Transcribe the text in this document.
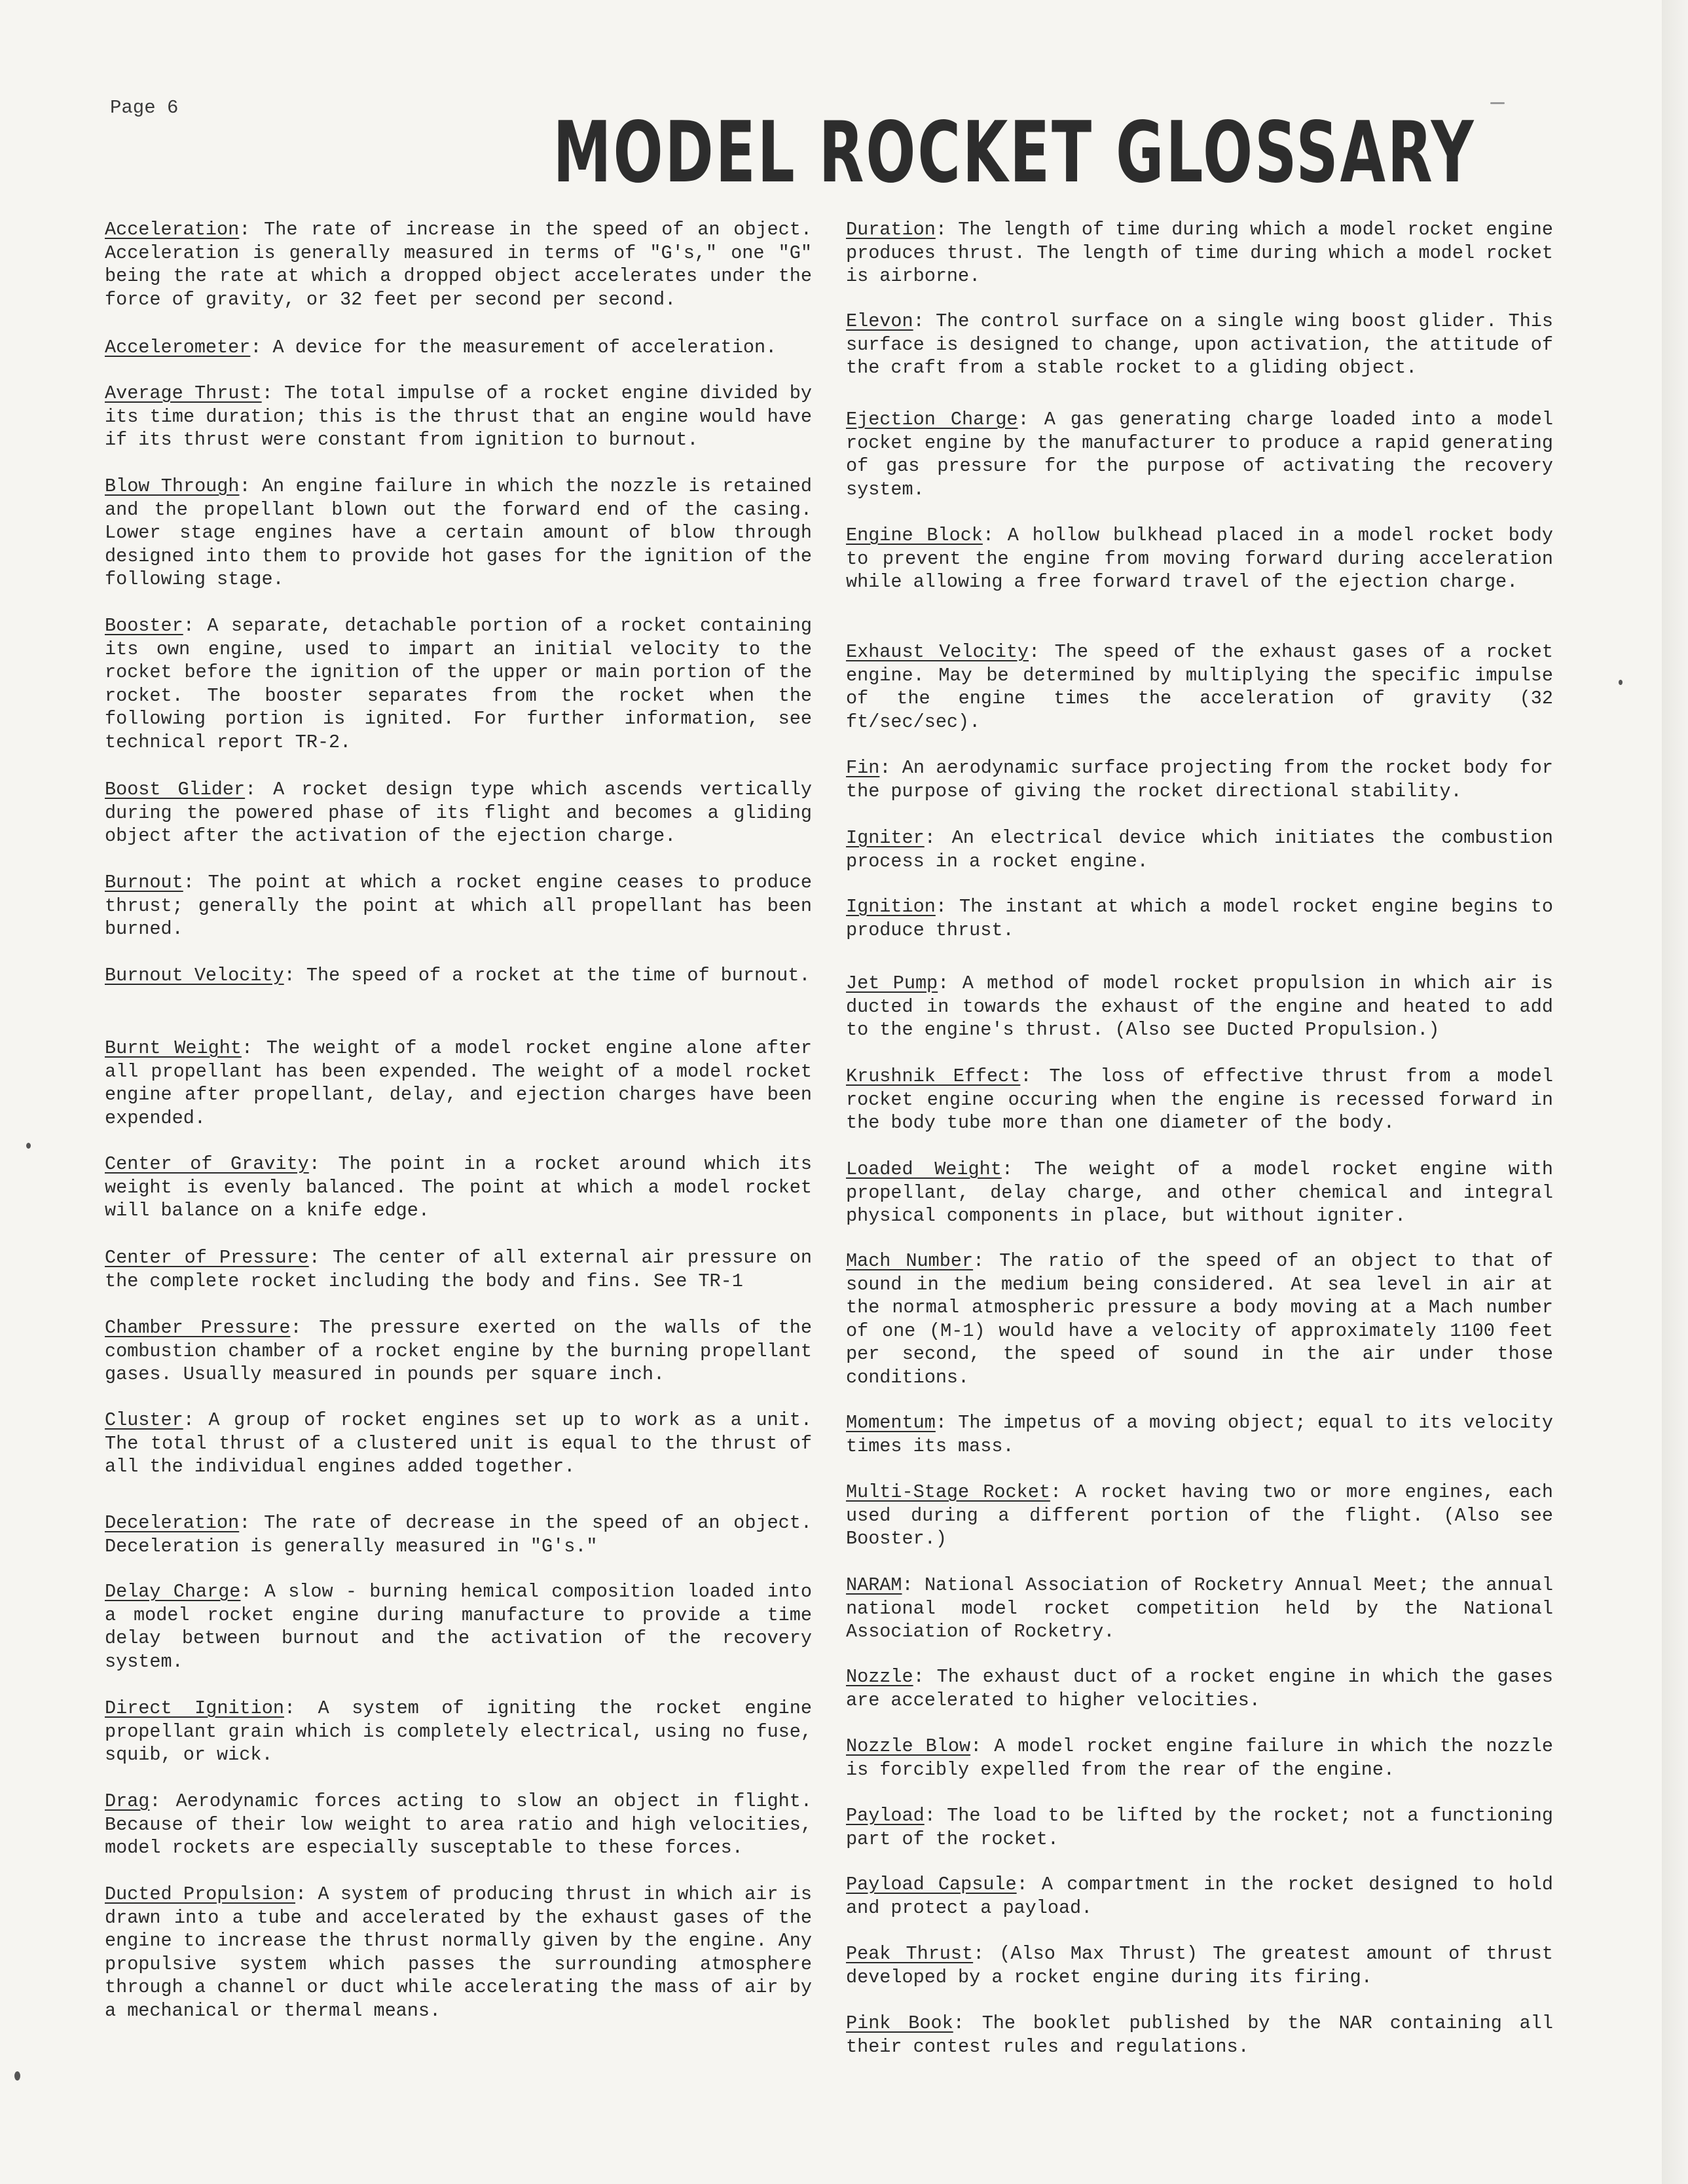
Page 6	MODEL ROCKET GLOSSARY

Acceleration: The rate of increase in the speed of an object. Acceleration is generally measured in terms of "G's," one "G" being the rate at which a dropped object accelerates under the force of gravity, or 32 feet per second per second.

Accelerometer: A device for the measurement of acceleration.

Average Thrust: The total impulse of a rocket engine divided by its time duration; this is the thrust that an engine would have if its thrust were constant from ignition to burnout.

Blow Through: An engine failure in which the nozzle is retained and the propellant blown out the forward end of the casing. Lower stage engines have a certain amount of blow through designed into them to provide hot gases for the ignition of the following stage.

Booster: A separate, detachable portion of a rocket containing its own engine, used to impart an initial velocity to the rocket before the ignition of the upper or main portion of the rocket. The booster separates from the rocket when the following portion is ignited. For further information, see technical report TR-2.

Boost Glider: A rocket design type which ascends vertically during the powered phase of its flight and becomes a gliding object after the activation of the ejection charge.

Burnout: The point at which a rocket engine ceases to produce thrust; generally the point at which all propellant has been burned.

Burnout Velocity: The speed of a rocket at the time of burnout.

Burnt Weight: The weight of a model rocket engine alone after all propellant has been expended. The weight of a model rocket engine after propellant, delay, and ejection charges have been expended.

Center of Gravity: The point in a rocket around which its weight is evenly balanced. The point at which a model rocket will balance on a knife edge.

Center of Pressure: The center of all external air pressure on the complete rocket including the body and fins. See TR-1

Chamber Pressure: The pressure exerted on the walls of the combustion chamber of a rocket engine by the burning propellant gases. Usually measured in pounds per square inch.

Cluster: A group of rocket engines set up to work as a unit. The total thrust of a clustered unit is equal to the thrust of all the individual engines added together.

Deceleration: The rate of decrease in the speed of an object. Deceleration is generally measured in "G's."

Delay Charge: A slow - burning hemical composition loaded into a model rocket engine during manufacture to provide a time delay between burnout and the activation of the recovery system.

Direct Ignition: A system of igniting the rocket engine propellant grain which is completely electrical, using no fuse, squib, or wick.

Drag: Aerodynamic forces acting to slow an object in flight. Because of their low weight to area ratio and high velocities, model rockets are especially susceptable to these forces.

Ducted Propulsion: A system of producing thrust in which air is drawn into a tube and accelerated by the exhaust gases of the engine to increase the thrust normally given by the engine. Any propulsive system which passes the surrounding atmosphere through a channel or duct while accelerating the mass of air by a mechanical or thermal means.

Duration: The length of time during which a model rocket engine produces thrust. The length of time during which a model rocket is airborne.

Elevon: The control surface on a single wing boost glider. This surface is designed to change, upon activation, the attitude of the craft from a stable rocket to a gliding object.

Ejection Charge: A gas generating charge loaded into a model rocket engine by the manufacturer to produce a rapid generating of gas pressure for the purpose of activating the recovery system.

Engine Block: A hollow bulkhead placed in a model rocket body to prevent the engine from moving forward during acceleration while allowing a free forward travel of the ejection charge.

Exhaust Velocity: The speed of the exhaust gases of a rocket engine. May be determined by multiplying the specific impulse of the engine times the acceleration of gravity (32 ft/sec/sec).

Fin: An aerodynamic surface projecting from the rocket body for the purpose of giving the rocket directional stability.

Igniter: An electrical device which initiates the combustion process in a rocket engine.

Ignition: The instant at which a model rocket engine begins to produce thrust.

Jet Pump: A method of model rocket propulsion in which air is ducted in towards the exhaust of the engine and heated to add to the engine's thrust. (Also see Ducted Propulsion.)

Krushnik Effect: The loss of effective thrust from a model rocket engine occuring when the engine is recessed forward in the body tube more than one diameter of the body.

Loaded Weight: The weight of a model rocket engine with propellant, delay charge, and other chemical and integral physical components in place, but without igniter.

Mach Number: The ratio of the speed of an object to that of sound in the medium being considered. At sea level in air at the normal atmospheric pressure a body moving at a Mach number of one (M-1) would have a velocity of approximately 1100 feet per second, the speed of sound in the air under those conditions.

Momentum: The impetus of a moving object; equal to its velocity times its mass.

Multi-Stage Rocket: A rocket having two or more engines, each used during a different portion of the flight. (Also see Booster.)

NARAM: National Association of Rocketry Annual Meet; the annual national model rocket competition held by the National Association of Rocketry.

Nozzle: The exhaust duct of a rocket engine in which the gases are accelerated to higher velocities.

Nozzle Blow: A model rocket engine failure in which the nozzle is forcibly expelled from the rear of the engine.

Payload: The load to be lifted by the rocket; not a functioning part of the rocket.

Payload Capsule: A compartment in the rocket designed to hold and protect a payload.

Peak Thrust: (Also Max Thrust) The greatest amount of thrust developed by a rocket engine during its firing.

Pink Book: The booklet published by the NAR containing all their contest rules and regulations.
